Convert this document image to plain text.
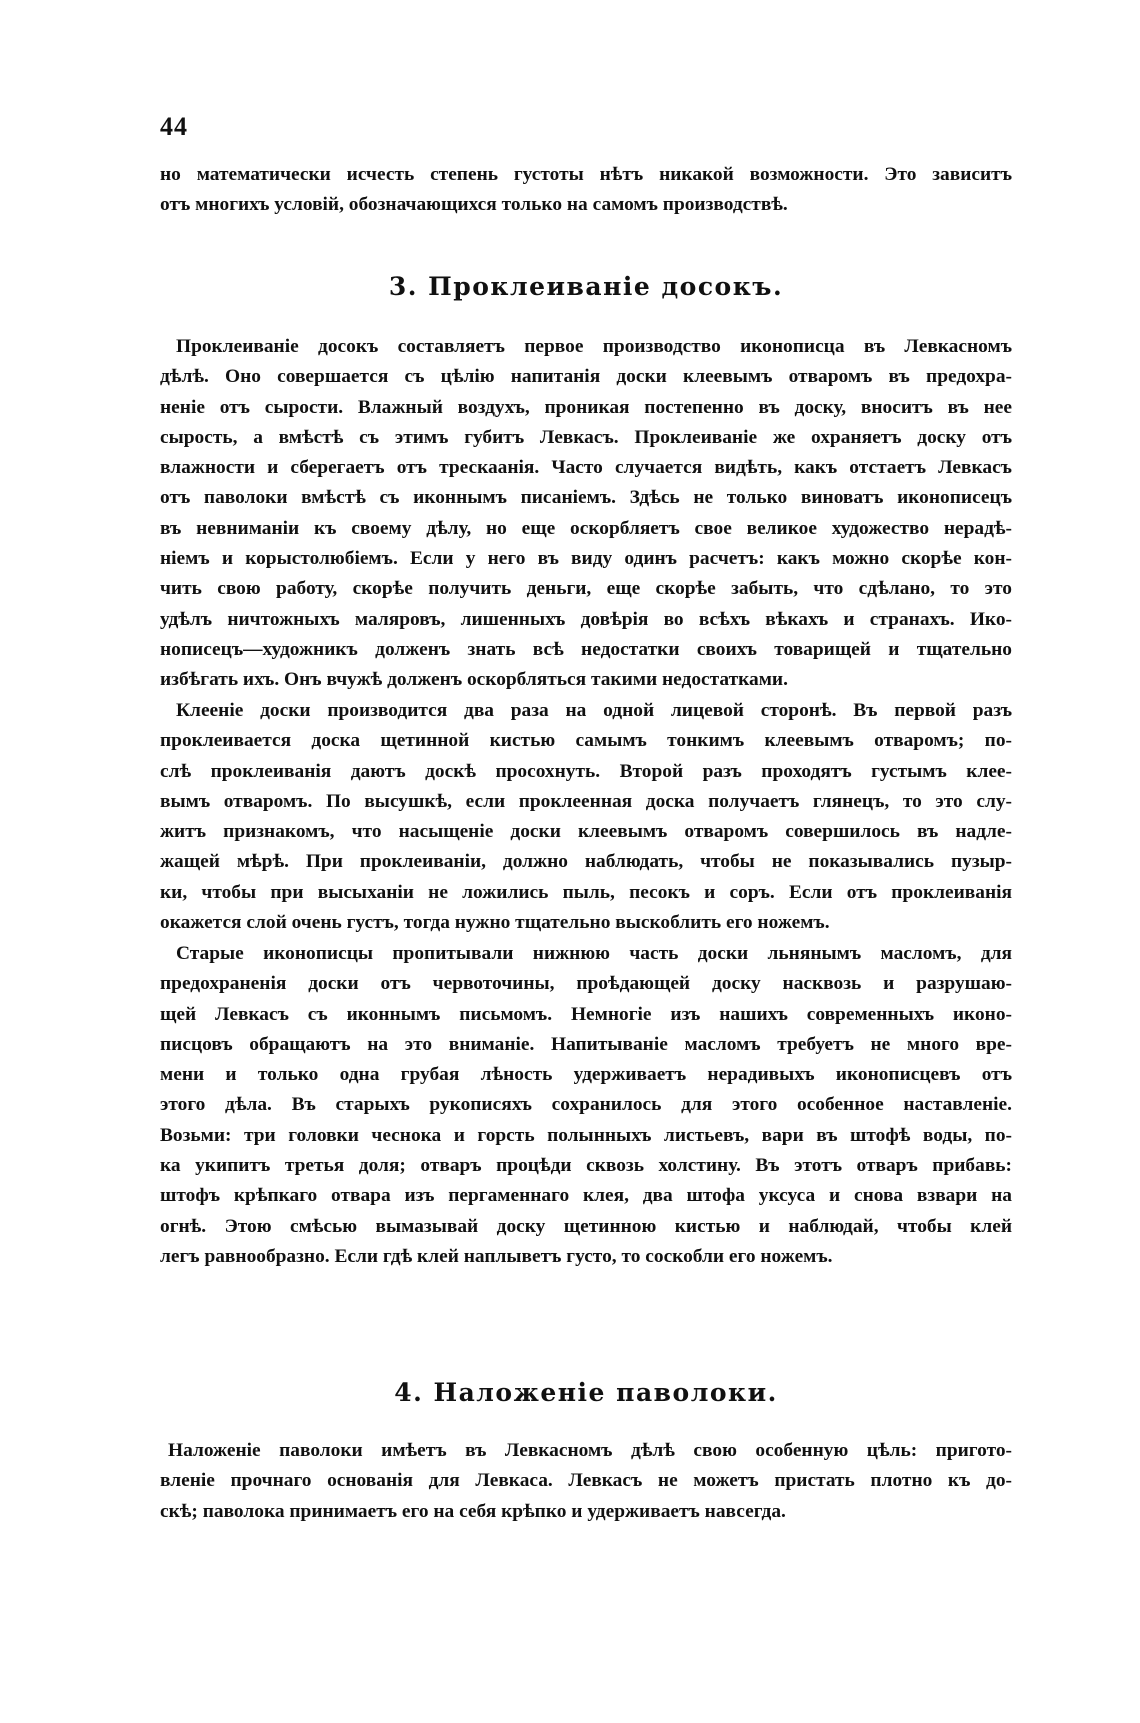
44
но математически исчесть степень густоты нѣтъ никакой возможности. Это зависитъ
отъ многихъ условій, обозначающихся только на самомъ производствѣ.
3. Проклеиваніе досокъ.
Проклеиваніе досокъ составляетъ первое производство иконописца въ Левкасномъ
дѣлѣ. Оно совершается съ цѣлію напитанія доски клеевымъ отваромъ въ предохра-
неніе отъ сырости. Влажный воздухъ, проникая постепенно въ доску, вноситъ въ нее
сырость, а вмѣстѣ съ этимъ губитъ Левкасъ. Проклеиваніе же охраняетъ доску отъ
влажности и сберегаетъ отъ трескаанія. Часто случается видѣть, какъ отстаетъ Левкасъ
отъ паволоки вмѣстѣ съ иконнымъ писаніемъ. Здѣсь не только виноватъ иконописецъ
въ невниманіи къ своему дѣлу, но еще оскорбляетъ свое великое художество нерадѣ-
ніемъ и корыстолюбіемъ. Если у него въ виду одинъ расчетъ: какъ можно скорѣе кон-
чить свою работу, скорѣе получить деньги, еще скорѣе забыть, что сдѣлано, то это
удѣлъ ничтожныхъ маляровъ, лишенныхъ довѣрія во всѣхъ вѣкахъ и странахъ. Ико-
нописецъ—художникъ долженъ знать всѣ недостатки своихъ товарищей и тщательно
избѣгать ихъ. Онъ вчужѣ долженъ оскорбляться такими недостатками.
Клееніе доски производится два раза на одной лицевой сторонѣ. Въ первой разъ
проклеивается доска щетинной кистью самымъ тонкимъ клеевымъ отваромъ; по-
слѣ проклеиванія даютъ доскѣ просохнуть. Второй разъ проходятъ густымъ клее-
вымъ отваромъ. По высушкѣ, если проклеенная доска получаетъ глянецъ, то это слу-
житъ признакомъ, что насыщеніе доски клеевымъ отваромъ совершилось въ надле-
жащей мѣрѣ. При проклеиваніи, должно наблюдать, чтобы не показывались пузыр-
ки, чтобы при высыханіи не ложились пыль, песокъ и соръ. Если отъ проклеиванія
окажется слой очень густъ, тогда нужно тщательно выскоблить его ножемъ.
Старые иконописцы пропитывали нижнюю часть доски льнянымъ масломъ, для
предохраненія доски отъ червоточины, проѣдающей доску насквозь и разрушаю-
щей Левкасъ съ иконнымъ письмомъ. Немногіе изъ нашихъ современныхъ иконо-
писцовъ обращаютъ на это вниманіе. Напитываніе масломъ требуетъ не много вре-
мени и только одна грубая лѣность удерживаетъ нерадивыхъ иконописцевъ отъ
этого дѣла. Въ старыхъ рукописяхъ сохранилось для этого особенное наставленіе.
Возьми: три головки чеснока и горсть полынныхъ листьевъ, вари въ штофѣ воды, по-
ка укипитъ третья доля; отваръ процѣди сквозь холстину. Въ этотъ отваръ прибавь:
штофъ крѣпкаго отвара изъ пергаменнаго клея, два штофа уксуса и снова взвари на
огнѣ. Этою смѣсью вымазывай доску щетинною кистью и наблюдай, чтобы клей
легъ равнообразно. Если гдѣ клей наплыветъ густо, то соскобли его ножемъ.
4. Наложеніе паволоки.
Наложеніе паволоки имѣетъ въ Левкасномъ дѣлѣ свою особенную цѣль: пригото-
вленіе прочнаго основанія для Левкаса. Левкасъ не можетъ пристать плотно къ до-
скѣ; паволока принимаетъ его на себя крѣпко и удерживаетъ навсегда.
